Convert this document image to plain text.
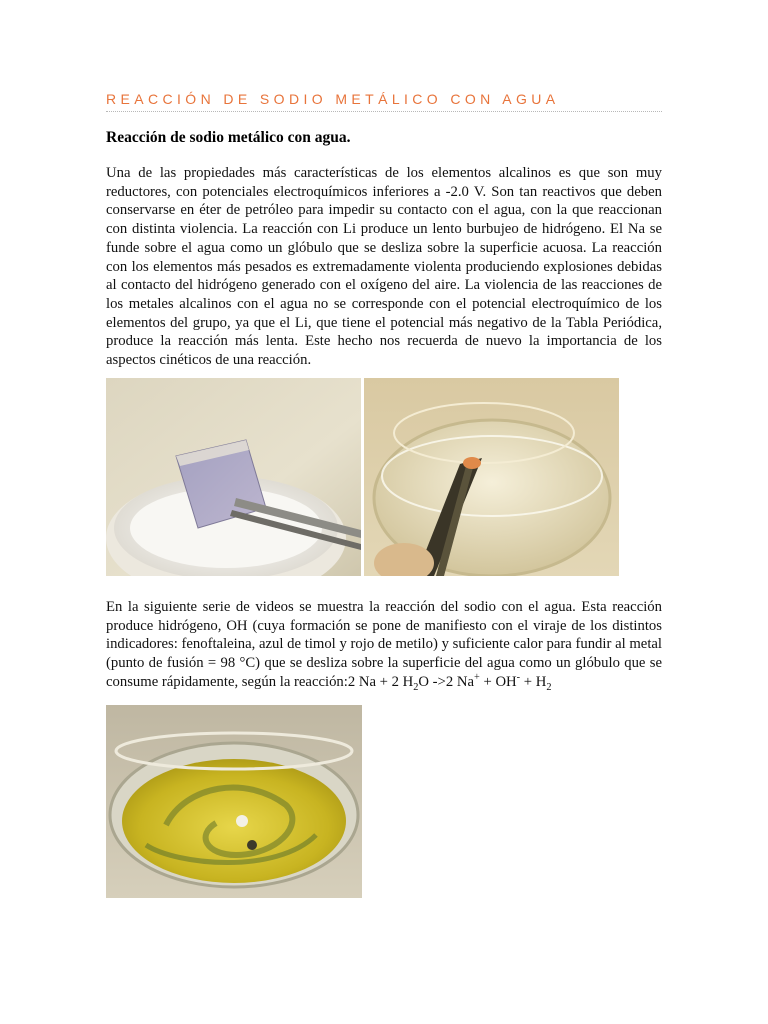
REACCIÓN DE SODIO METÁLICO CON AGUA
Reacción de sodio metálico con agua.

Una de las propiedades más características de los elementos alcalinos es que son muy reductores, con potenciales electroquímicos inferiores a -2.0 V. Son tan reactivos que deben conservarse en éter de petróleo para impedir su contacto con el agua, con la que reaccionan con distinta violencia. La reacción con Li produce un lento burbujeo de hidrógeno. El Na se funde sobre el agua como un glóbulo que se desliza sobre la superficie acuosa. La reacción con los elementos más pesados es extremadamente violenta produciendo explosiones debidas al contacto del hidrógeno generado con el oxígeno del aire. La violencia de las reacciones de los metales alcalinos con el agua no se corresponde con el potencial electroquímico de los elementos del grupo, ya que el Li, que tiene el potencial más negativo de la Tabla Periódica, produce la reacción más lenta. Este hecho nos recuerda de nuevo la importancia de los aspectos cinéticos de una reacción.

En la siguiente serie de videos se muestra la reacción del sodio con el agua. Esta reacción produce hidrógeno, OH (cuya formación se pone de manifiesto con el viraje de los distintos indicadores: fenoftaleina, azul de timol y rojo de metilo) y suficiente calor para fundir al metal (punto de fusión = 98 °C) que se desliza sobre la superficie del agua como un glóbulo que se consume rápidamente, según la reacción:2 Na + 2 $H_2O$ ->2 $Na^+ + OH^- + H_2$
